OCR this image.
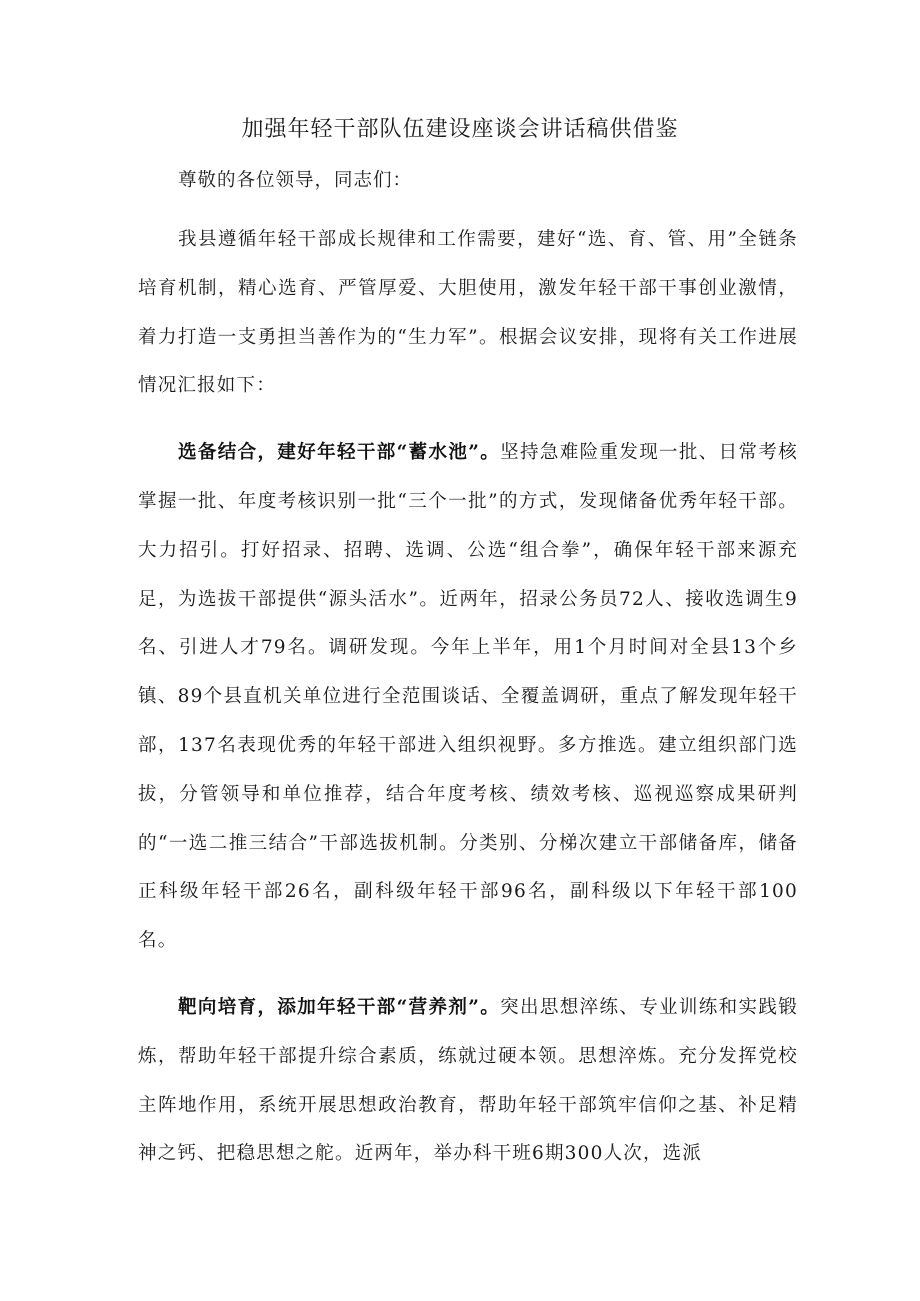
加强年轻干部队伍建设座谈会讲话稿供借鉴
尊敬的各位领导，同志们：

我县遵循年轻干部成长规律和工作需要，建好“选、育、管、用”全链条培育机制，精心选育、严管厚爱、大胆使用，激发年轻干部干事创业激情，着力打造一支勇担当善作为的“生力军”。根据会议安排，现将有关工作进展情况汇报如下：

选备结合，建好年轻干部“蓄水池”。坚持急难险重发现一批、日常考核掌握一批、年度考核识别一批“三个一批”的方式，发现储备优秀年轻干部。大力招引。打好招录、招聘、选调、公选“组合拳”，确保年轻干部来源充足，为选拔干部提供“源头活水”。近两年，招录公务员72人、接收选调生9名、引进人才79名。调研发现。今年上半年，用1个月时间对全县13个乡镇、89个县直机关单位进行全范围谈话、全覆盖调研，重点了解发现年轻干部，137名表现优秀的年轻干部进入组织视野。多方推选。建立组织部门选拔，分管领导和单位推荐，结合年度考核、绩效考核、巡视巡察成果研判的“一选二推三结合”干部选拔机制。分类别、分梯次建立干部储备库，储备正科级年轻干部26名，副科级年轻干部96名，副科级以下年轻干部100名。

靶向培育，添加年轻干部“营养剂”。突出思想淬练、专业训练和实践锻炼，帮助年轻干部提升综合素质，练就过硬本领。思想淬炼。充分发挥党校主阵地作用，系统开展思想政治教育，帮助年轻干部筑牢信仰之基、补足精神之钙、把稳思想之舵。近两年，举办科干班6期300人次，选派
